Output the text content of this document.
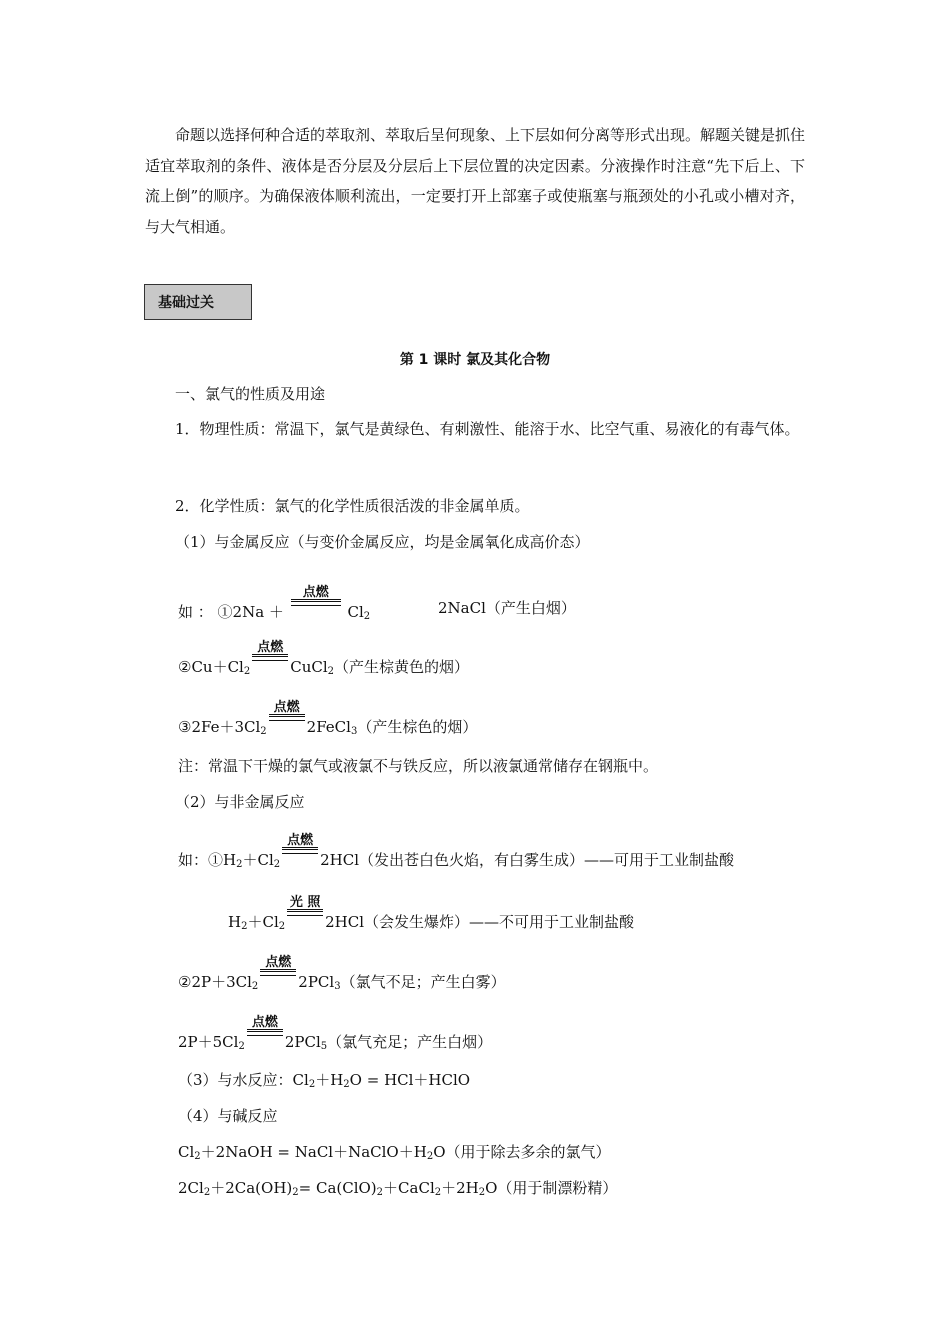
命题以选择何种合适的萃取剂、萃取后呈何现象、上下层如何分离等形式出现。解题关键是抓住适宜萃取剂的条件、液体是否分层及分层后上下层位置的决定因素。分液操作时注意“先下后上、下流上倒”的顺序。为确保液体顺利流出，一定要打开上部塞子或使瓶塞与瓶颈处的小孔或小槽对齐，与大气相通。

基础过关
第 1 课时 氯及其化合物
一、氯气的性质及用途

1．物理性质：常温下，氯气是黄绿色、有刺激性、能溶于水、比空气重、易液化的有毒气体。

2．化学性质：氯气的化学性质很活泼的非金属单质。
（1）与金属反应（与变价金属反应，均是金属氧化成高价态）
如 ： ①2Na ＋
点燃
$Cl_2$	2NaCl（产生白烟）
$②Cu+Cl_2$
点燃
CuCl$_2$（产生棕黄色的烟）
$③2Fe+3Cl_2$
点燃
2FeCl$_3$（产生棕色的烟）
注：常温下干燥的氯气或液氯不与铁反应，所以液氯通常储存在钢瓶中。
（2）与非金属反应
如：$①H_2+Cl_2$
点燃
2HCl（发出苍白色火焰，有白雾生成）——可用于工业制盐酸
$H_2+Cl_2$
光 照
2HCl（会发生爆炸）——不可用于工业制盐酸
$②2P+3Cl_2$
点燃
2PCl$_3$（氯气不足；产生白雾）
$2P+5Cl_2$
点燃
2PCl$_5$（氯气充足；产生白烟）
（3）与水反应：$Cl_2+H_2O$ = HCl＋HClO
（4）与碱反应
$Cl_2+2NaOH$ = $NaCl+NaClO+H_2O$（用于除去多余的氯气）
$2Cl_2+2Ca(OH)_2=$ $Ca(ClO)_2+CaCl_2+2H_2O$（用于制漂粉精）
